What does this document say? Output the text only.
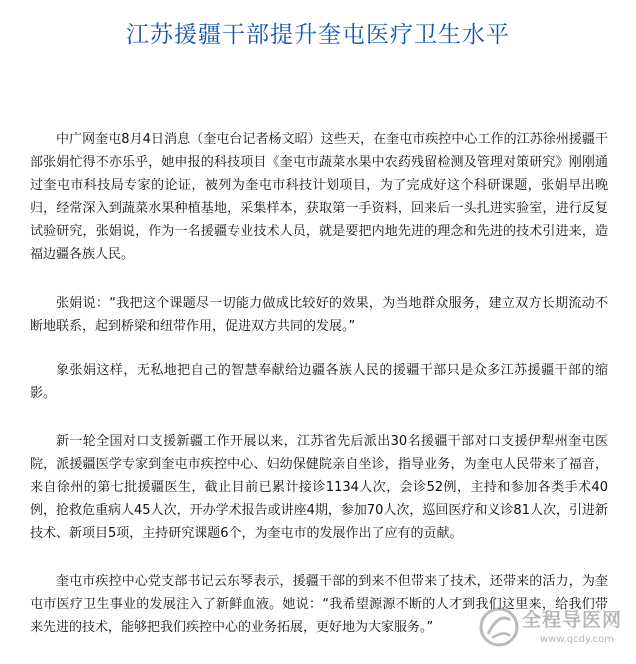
江苏援疆干部提升奎屯医疗卫生水平

中广网奎屯8月4日消息（奎屯台记者杨文昭）这些天，在奎屯市疾控中心工作的江苏徐州援疆干部张娟忙得不亦乐乎，她申报的科技项目《奎屯市蔬菜水果中农药残留检测及管理对策研究》刚刚通过奎屯市科技局专家的论证，被列为奎屯市科技计划项目，为了完成好这个科研课题，张娟早出晚归，经常深入到蔬菜水果种植基地，采集样本，获取第一手资料，回来后一头扎进实验室，进行反复试验研究，张娟说，作为一名援疆专业技术人员，就是要把内地先进的理念和先进的技术引进来，造福边疆各族人民。

张娟说：“我把这个课题尽一切能力做成比较好的效果，为当地群众服务，建立双方长期流动不断地联系，起到桥梁和纽带作用，促进双方共同的发展。”

象张娟这样，无私地把自己的智慧奉献给边疆各族人民的援疆干部只是众多江苏援疆干部的缩影。

新一轮全国对口支援新疆工作开展以来，江苏省先后派出30名援疆干部对口支援伊犁州奎屯医院，派援疆医学专家到奎屯市疾控中心、妇幼保健院亲自坐诊，指导业务，为奎屯人民带来了福音，来自徐州的第七批援疆医生，截止目前已累计接诊1134人次，会诊52例，主持和参加各类手术40例，抢救危重病人45人次，开办学术报告或讲座4期，参加70人次，巡回医疗和义诊81人次，引进新技术、新项目5项，主持研究课题6个，为奎屯市的发展作出了应有的贡献。

奎屯市疾控中心党支部书记云东琴表示，援疆干部的到来不但带来了技术，还带来的活力，为奎屯市医疗卫生事业的发展注入了新鲜血液。她说：“我希望源源不断的人才到我们这里来，给我们带来先进的技术，能够把我们疾控中心的业务拓展，更好地为大家服务。”	全程导医网
www.qcdy.com
